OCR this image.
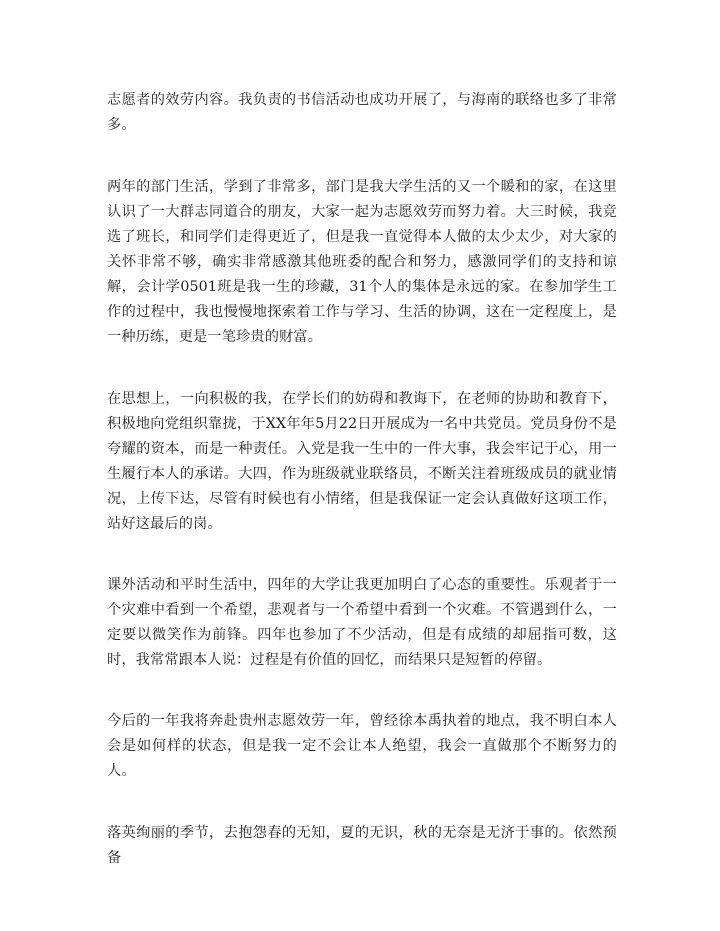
志愿者的效劳内容。我负责的书信活动也成功开展了，与海南的联络也多了非常多。

两年的部门生活，学到了非常多，部门是我大学生活的又一个暖和的家，在这里认识了一大群志同道合的朋友，大家一起为志愿效劳而努力着。大三时候，我竞选了班长，和同学们走得更近了，但是我一直觉得本人做的太少太少，对大家的关怀非常不够，确实非常感激其他班委的配合和努力，感激同学们的支持和谅解，会计学0501班是我一生的珍藏，31个人的集体是永远的家。在参加学生工作的过程中，我也慢慢地探索着工作与学习、生活的协调，这在一定程度上，是一种历练，更是一笔珍贵的财富。

在思想上，一向积极的我，在学长们的妨碍和教诲下，在老师的协助和教育下，积极地向党组织靠拢，于XX年年5月22日开展成为一名中共党员。党员身份不是夸耀的资本，而是一种责任。入党是我一生中的一件大事，我会牢记于心，用一生履行本人的承诺。大四，作为班级就业联络员，不断关注着班级成员的就业情况，上传下达，尽管有时候也有小情绪，但是我保证一定会认真做好这项工作，站好这最后的岗。

课外活动和平时生活中，四年的大学让我更加明白了心态的重要性。乐观者于一个灾难中看到一个希望，悲观者与一个希望中看到一个灾难。不管遇到什么，一定要以微笑作为前锋。四年也参加了不少活动，但是有成绩的却屈指可数，这时，我常常跟本人说：过程是有价值的回忆，而结果只是短暂的停留。

今后的一年我将奔赴贵州志愿效劳一年，曾经徐本禹执着的地点，我不明白本人会是如何样的状态，但是我一定不会让本人绝望，我会一直做那个不断努力的人。

落英绚丽的季节，去抱怨春的无知，夏的无识，秋的无奈是无济于事的。依然预备
